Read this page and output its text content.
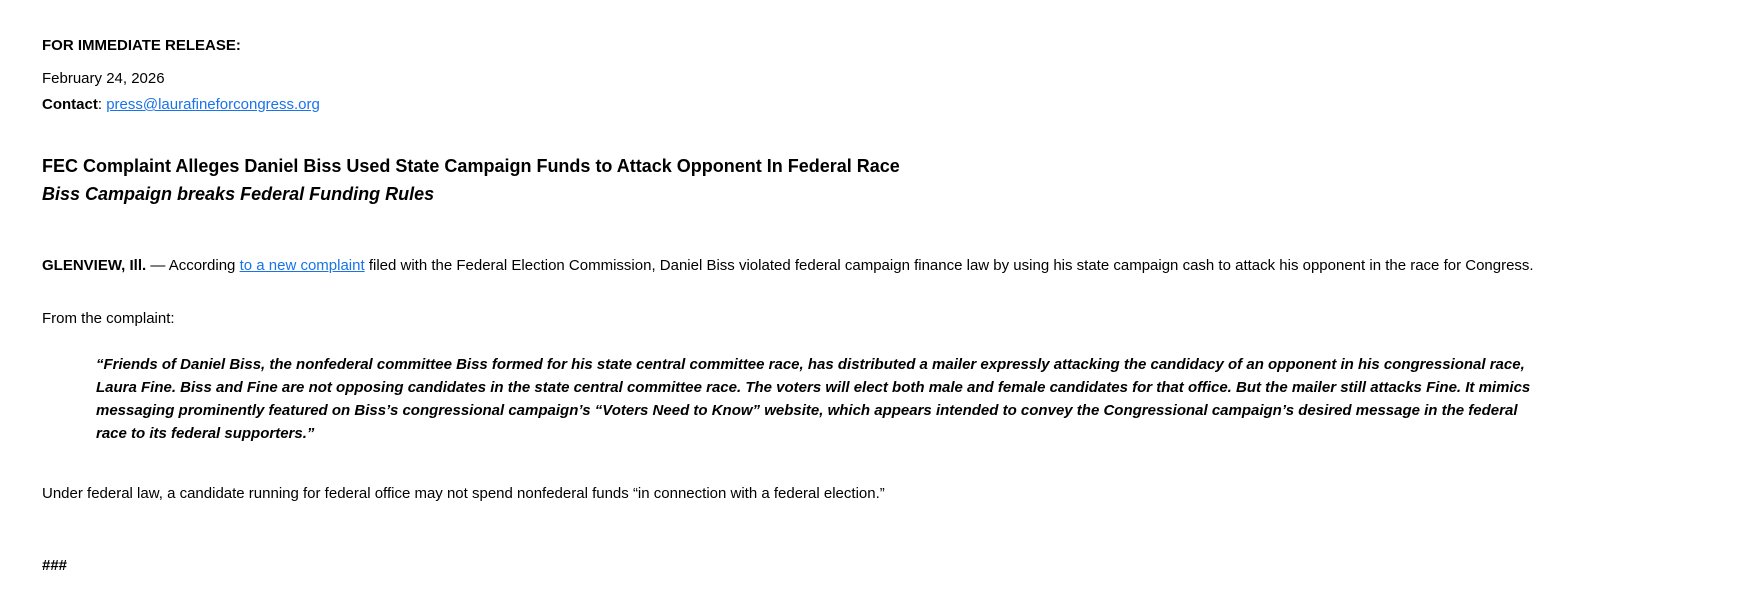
FOR IMMEDIATE RELEASE:

February 24, 2026

Contact: press@laurafineforcongress.org

FEC Complaint Alleges Daniel Biss Used State Campaign Funds to Attack Opponent In Federal Race

Biss Campaign breaks Federal Funding Rules

GLENVIEW, Ill. — According to a new complaint filed with the Federal Election Commission, Daniel Biss violated federal campaign finance law by using his state campaign cash to attack his opponent in the race for Congress.

From the complaint:

“Friends of Daniel Biss, the nonfederal committee Biss formed for his state central committee race, has distributed a mailer expressly attacking the candidacy of an opponent in his congressional race, Laura Fine. Biss and Fine are not opposing candidates in the state central committee race. The voters will elect both male and female candidates for that office. But the mailer still attacks Fine. It mimics messaging prominently featured on Biss’s congressional campaign’s “Voters Need to Know” website, which appears intended to convey the Congressional campaign’s desired message in the federal race to its federal supporters.”

Under federal law, a candidate running for federal office may not spend nonfederal funds “in connection with a federal election.”

###
